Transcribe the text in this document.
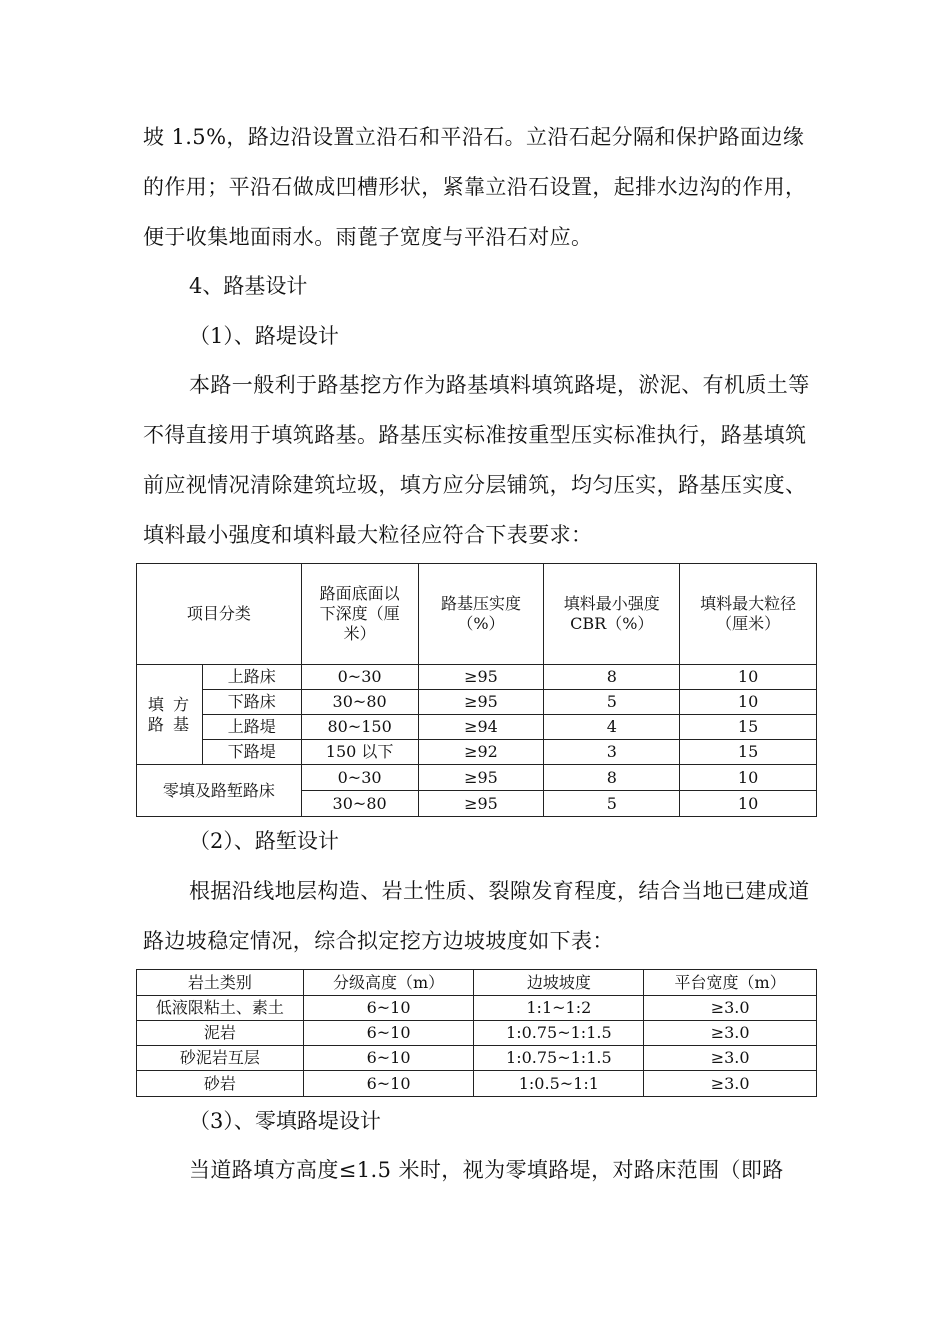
坡 1.5%，路边沿设置立沿石和平沿石。立沿石起分隔和保护路面边缘的作用；平沿石做成凹槽形状，紧靠立沿石设置，起排水边沟的作用，便于收集地面雨水。雨蓖子宽度与平沿石对应。

4、路基设计

（1）、路堤设计

本路一般利于路基挖方作为路基填料填筑路堤，淤泥、有机质土等不得直接用于填筑路基。路基压实标准按重型压实标准执行，路基填筑前应视情况清除建筑垃圾，填方应分层铺筑，均匀压实，路基压实度、填料最小强度和填料最大粒径应符合下表要求：

项目分类		路面底面以下深度（厘米）	路基压实度（%）	填料最小强度CBR（%）	填料最大粒径（厘米）
填 方 路 基	上路床	0~30	≥95	8	10
	下路床	30~80	≥95	5	10
	上路堤	80~150	≥94	4	15
	下路堤	150 以下	≥92	3	15
零填及路堑路床		0~30	≥95	8	10
		30~80	≥95	5	10

（2）、路堑设计

根据沿线地层构造、岩土性质、裂隙发育程度，结合当地已建成道路边坡稳定情况，综合拟定挖方边坡坡度如下表：

岩土类别	分级高度（m）	边坡坡度	平台宽度（m）
低液限粘土、素土	6~10	1:1~1:2	≥3.0
泥岩	6~10	1:0.75~1:1.5	≥3.0
砂泥岩互层	6~10	1:0.75~1:1.5	≥3.0
砂岩	6~10	1:0.5~1:1	≥3.0

（3）、零填路堤设计

当道路填方高度≤1.5 米时，视为零填路堤，对路床范围（即路
